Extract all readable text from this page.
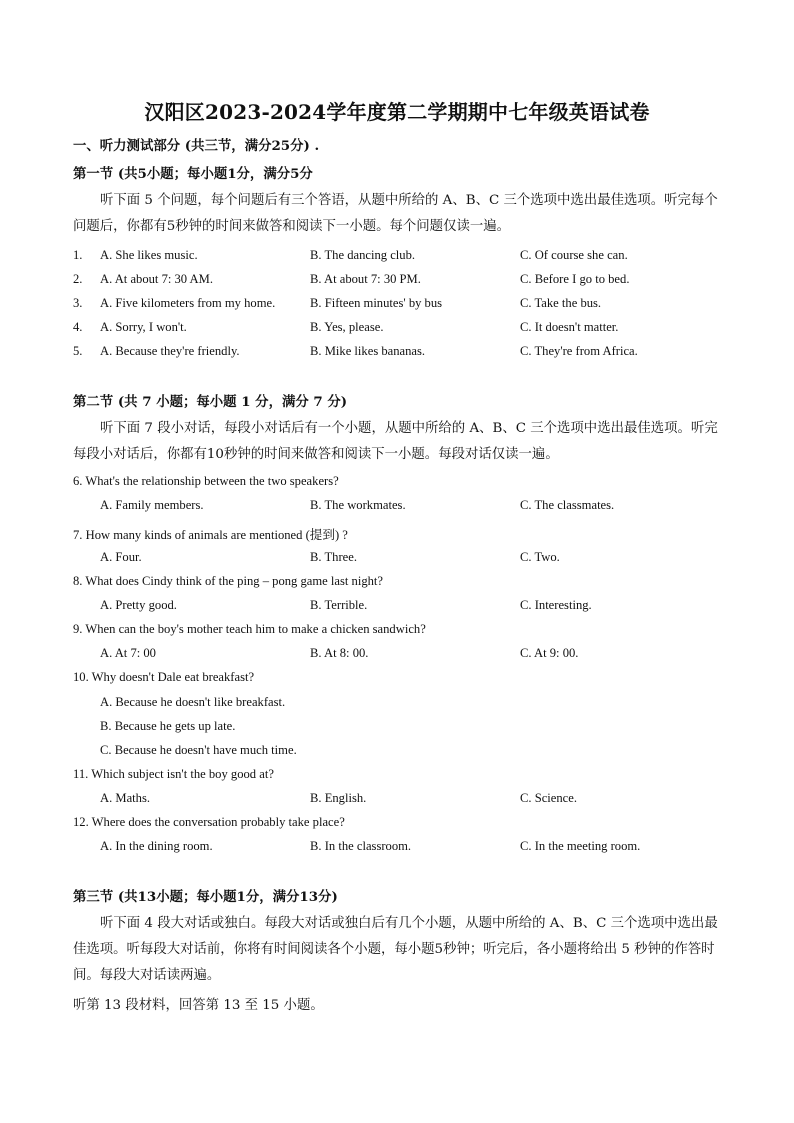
汉阳区2023-2024学年度第二学期期中七年级英语试卷
一、听力测试部分 (共三节，满分25分) .
第一节 (共5小题；每小题1分，满分5分
听下面 5 个问题，每个问题后有三个答语，从题中所给的 A、B、C 三个选项中选出最佳选项。听完每个问题后，你都有5秒钟的时间来做答和阅读下一小题。每个问题仅读一遍。
1. A. She likes music.	B. The dancing club.	C. Of course she can.
2. A. At about 7: 30 AM.	B. At about 7: 30 PM.	C. Before I go to bed.
3. A. Five kilometers from my home.	B. Fifteen minutes' by bus	C. Take the bus.
4. A. Sorry, I won't.	B. Yes, please.	C. It doesn't matter.
5. A. Because they're friendly.	B. Mike likes bananas.	C. They're from Africa.
第二节 (共 7 小题；每小题 1 分，满分 7 分)
听下面 7 段小对话，每段小对话后有一个小题，从题中所给的 A、B、C 三个选项中选出最佳选项。听完每段小对话后，你都有10秒钟的时间来做答和阅读下一小题。每段对话仅读一遍。
6. What's the relationship between the two speakers?
A. Family members.	B. The workmates.	C. The classmates.
7. How many kinds of animals are mentioned (提到) ?
A. Four.	B. Three.	C. Two.
8. What does Cindy think of the ping – pong game last night?
A. Pretty good.	B. Terrible.	C. Interesting.
9. When can the boy's mother teach him to make a chicken sandwich?
A. At 7: 00	B. At 8: 00.	C. At 9: 00.
10. Why doesn't Dale eat breakfast?
A. Because he doesn't like breakfast.
B. Because he gets up late.
C. Because he doesn't have much time.
11. Which subject isn't the boy good at?
A. Maths.	B. English.	C. Science.
12. Where does the conversation probably take place?
A. In the dining room.	B. In the classroom.	C. In the meeting room.
第三节 (共13小题；每小题1分，满分13分)
听下面 4 段大对话或独白。每段大对话或独白后有几个小题，从题中所给的 A、B、C 三个选项中选出最佳选项。听每段大对话前，你将有时间阅读各个小题，每小题5秒钟；听完后，各小题将给出 5 秒钟的作答时间。每段大对话读两遍。
听第 13 段材料，回答第 13 至 15 小题。
